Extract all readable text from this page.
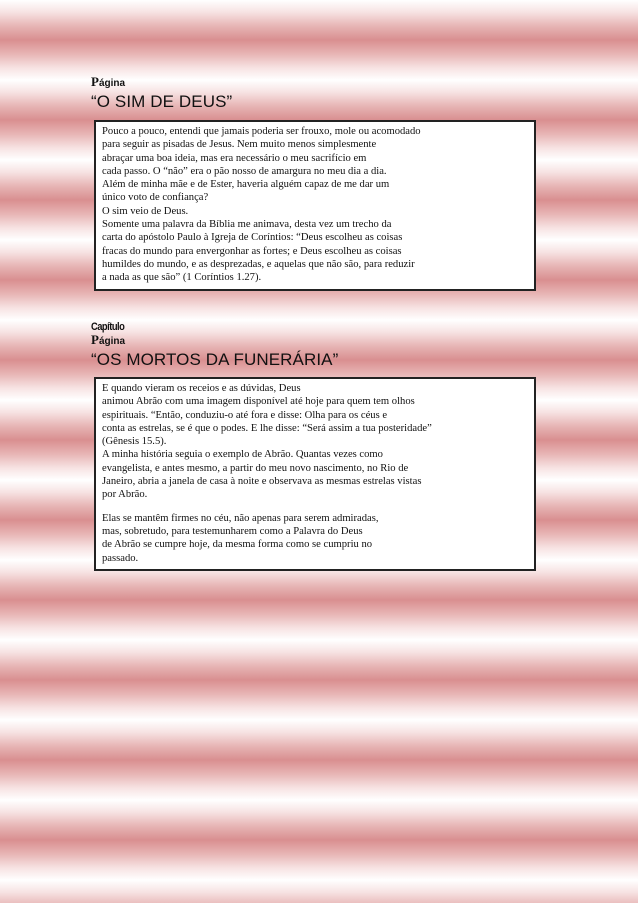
Página
“O SIM DE DEUS”
Pouco a pouco, entendi que jamais poderia ser frouxo, mole ou acomodado
para seguir as pisadas de Jesus. Nem muito menos simplesmente
abraçar uma boa ideia, mas era necessário o meu sacrifício em
cada passo. O “não” era o pão nosso de amargura no meu dia a dia.
Além de minha mãe e de Ester, haveria alguém capaz de me dar um
único voto de confiança?
O sim veio de Deus.
Somente uma palavra da Bíblia me animava, desta vez um trecho da
carta do apóstolo Paulo à Igreja de Coríntios: “Deus escolheu as coisas
fracas do mundo para envergonhar as fortes; e Deus escolheu as coisas
humildes do mundo, e as desprezadas, e aquelas que não são, para reduzir
a nada as que são” (1 Coríntios 1.27).
Capítulo
Página
“OS MORTOS DA FUNERÁRIA”
E quando vieram os receios e as dúvidas, Deus
animou Abrão com uma imagem disponível até hoje para quem tem olhos
espirituais. “Então, conduziu-o até fora e disse: Olha para os céus e
conta as estrelas, se é que o podes. E lhe disse: “Será assim a tua posteridade”
(Gênesis 15.5).
A minha história seguia o exemplo de Abrão. Quantas vezes como
evangelista, e antes mesmo, a partir do meu novo nascimento, no Rio de
Janeiro, abria a janela de casa à noite e observava as mesmas estrelas vistas
por Abrão.
Elas se mantêm firmes no céu, não apenas para serem admiradas,
mas, sobretudo, para testemunharem como a Palavra do Deus
de Abrão se cumpre hoje, da mesma forma como se cumpriu no
passado.
